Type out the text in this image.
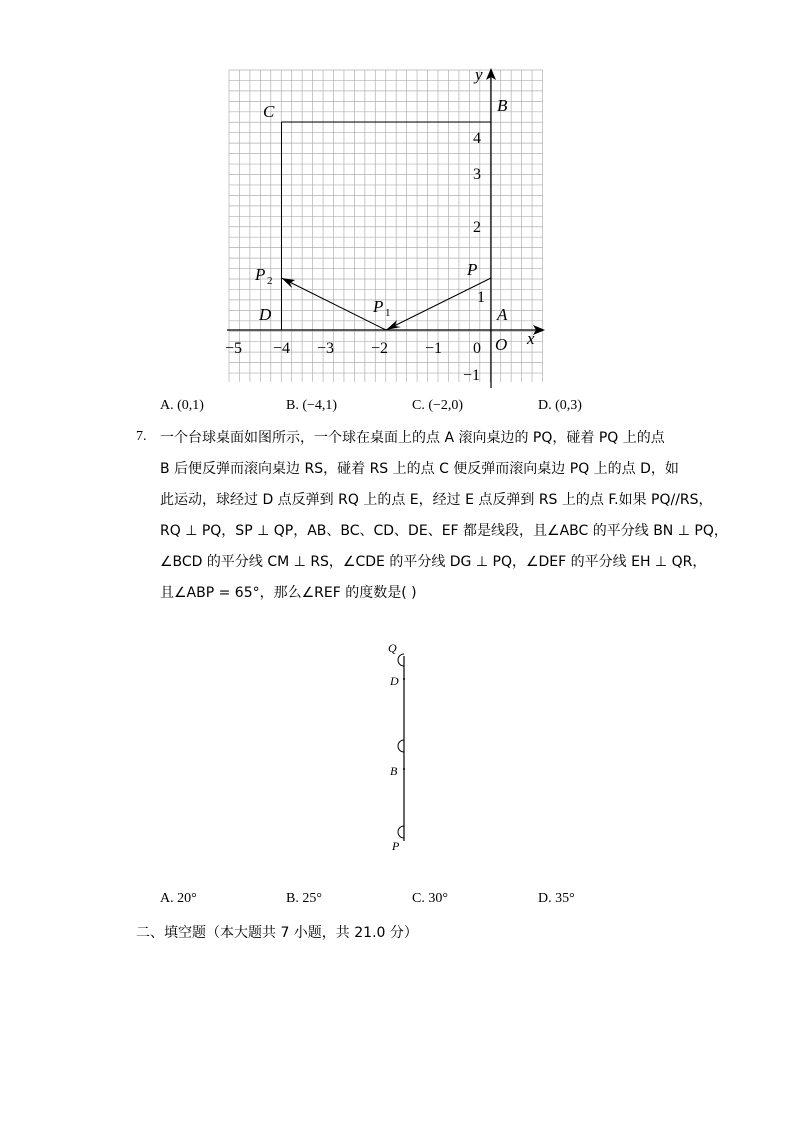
−5 −4 −3 −2 −1 0
4
3
2
1
−1
y
x
C	B
P
P 2
P 1
D	A
O
A. (0,1)	B. (−4,1)	C. (−2,0)	D. (0,3)
7. 一个台球桌面如图所示，一个球在桌面上的点 A 滚向桌边的 PQ，碰着 PQ 上的点
B 后便反弹而滚向桌边 RS，碰着 RS 上的点 C 便反弹而滚向桌边 PQ 上的点 D，如
此运动，球经过 D 点反弹到 RQ 上的点 E，经过 E 点反弹到 RS 上的点 F.如果 PQ//RS，
RQ ⊥ PQ，SP ⊥ QP，AB、BC、CD、DE、EF 都是线段，且∠ABC 的平分线 BN ⊥ PQ，
∠BCD 的平分线 CM ⊥ RS，∠CDE 的平分线 DG ⊥ PQ，∠DEF 的平分线 EH ⊥ QR，
且∠ABP = 65°，那么∠REF 的度数是( )
Q
D
B
P
A. 20°	B. 25°	C. 30°	D. 35°
二、填空题（本大题共 7 小题，共 21.0 分）
